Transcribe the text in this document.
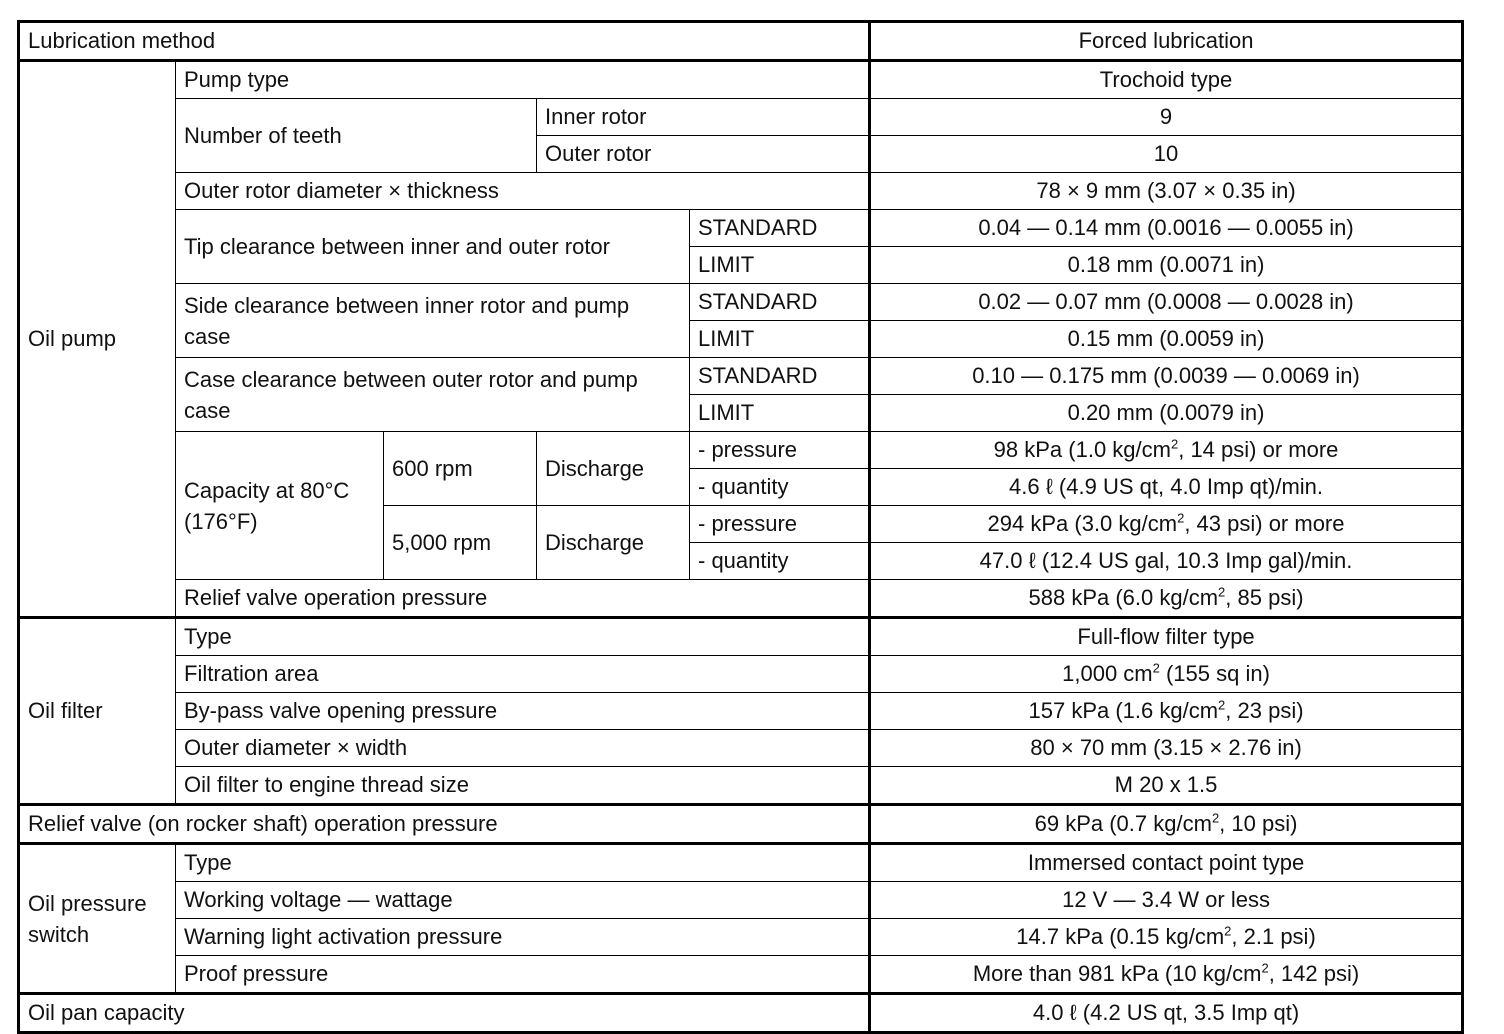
Lubrication method					Forced lubrication
Oil pump	Pump type				Trochoid type
	Number of teeth		Inner rotor		9
			Outer rotor		10
	Outer rotor diameter × thickness				78 × 9 mm (3.07 × 0.35 in)
	Tip clearance between inner and outer rotor			STANDARD	0.04 — 0.14 mm (0.0016 — 0.0055 in)
				LIMIT	0.18 mm (0.0071 in)
	Side clearance between inner rotor and pump case			STANDARD	0.02 — 0.07 mm (0.0008 — 0.0028 in)
				LIMIT	0.15 mm (0.0059 in)
	Case clearance between outer rotor and pump case			STANDARD	0.10 — 0.175 mm (0.0039 — 0.0069 in)
				LIMIT	0.20 mm (0.0079 in)
	Capacity at 80°C (176°F)	600 rpm	Discharge	- pressure	98 kPa (1.0 $kg/cm^2$, 14 psi) or more
				- quantity	4.6 ℓ (4.9 US qt, 4.0 Imp qt)/min.
		5,000 rpm	Discharge	- pressure	294 kPa (3.0 $kg/cm^2$, 43 psi) or more
				- quantity	47.0 ℓ (12.4 US gal, 10.3 Imp gal)/min.
	Relief valve operation pressure				588 kPa (6.0 $kg/cm^2$, 85 psi)
Oil filter	Type				Full-flow filter type
	Filtration area				1,000 $cm^2$ (155 sq in)
	By-pass valve opening pressure				157 kPa (1.6 $kg/cm^2$, 23 psi)
	Outer diameter × width				80 × 70 mm (3.15 × 2.76 in)
	Oil filter to engine thread size				M 20 x 1.5
Relief valve (on rocker shaft) operation pressure					69 kPa (0.7 $kg/cm^2$, 10 psi)
Oil pressure switch	Type				Immersed contact point type
	Working voltage — wattage				12 V — 3.4 W or less
	Warning light activation pressure				14.7 kPa (0.15 $kg/cm^2$, 2.1 psi)
	Proof pressure				More than 981 kPa (10 $kg/cm^2$, 142 psi)
Oil pan capacity					4.0 ℓ (4.2 US qt, 3.5 Imp qt)
